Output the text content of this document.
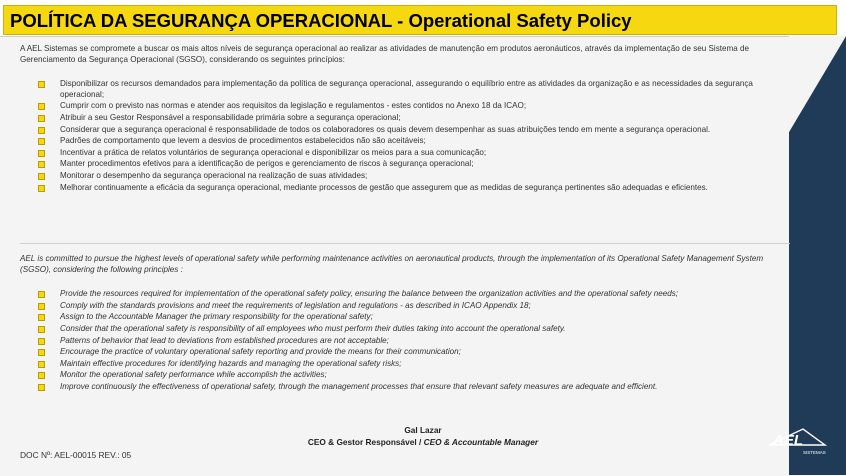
POLÍTICA DA SEGURANÇA OPERACIONAL - Operational Safety Policy

A AEL Sistemas se compromete a buscar os mais altos níveis de segurança operacional ao realizar as atividades de manutenção em produtos aeronáuticos, através da implementação de seu Sistema de Gerenciamento da Segurança Operacional (SGSO), considerando os seguintes princípios:

Disponibilizar os recursos demandados para implementação da política de segurança operacional, assegurando o equilíbrio entre as atividades da organização e as necessidades da segurança operacional;
Cumprir com o previsto nas normas e atender aos requisitos da legislação e regulamentos - estes contidos no Anexo 18 da ICAO;
Atribuir a seu Gestor Responsável a responsabilidade primária sobre a segurança operacional;
Considerar que a segurança operacional é responsabilidade de todos os colaboradores os quais devem desempenhar as suas atribuições tendo em mente a segurança operacional.
Padrões de comportamento que levem a desvios de procedimentos estabelecidos não são aceitáveis;
Incentivar a prática de relatos voluntários de segurança operacional e disponibilizar os meios para a sua comunicação;
Manter procedimentos efetivos para a identificação de perigos e gerenciamento de riscos à segurança operacional;
Monitorar o desempenho da segurança operacional na realização de suas atividades;
Melhorar continuamente a eficácia da segurança operacional, mediante processos de gestão que assegurem que as medidas de segurança pertinentes são adequadas e eficientes.

AEL is committed to pursue the highest levels of operational safety while performing maintenance activities on aeronautical products, through the implementation of its Operational Safety Management System (SGSO), considering the following principles :

Provide the resources required for implementation of the operational safety policy, ensuring the balance between the organization activities and the operational safety needs;
Comply with the standards provisions and meet the requirements of legislation and regulations - as described in ICAO Appendix 18;
Assign to the Accountable Manager the primary responsibility for the operational safety;
Consider that the operational safety is responsibility of all employees who must perform their duties taking into account the operational safety.
Patterns of behavior that lead to deviations from established procedures are not acceptable;
Encourage the practice of voluntary operational safety reporting and provide the means for their communication;
Maintain effective procedures for identifying hazards and managing the operational safety risks;
Monitor the operational safety performance while accomplish the activities;
Improve continuously the effectiveness of operational safety, through the management processes that ensure that relevant safety measures are adequate and efficient.
Gal Lazar
CEO & Gestor Responsável / CEO & Accountable Manager
DOC Nº: AEL-00015 REV.: 05
AEL
SISTEMAS
